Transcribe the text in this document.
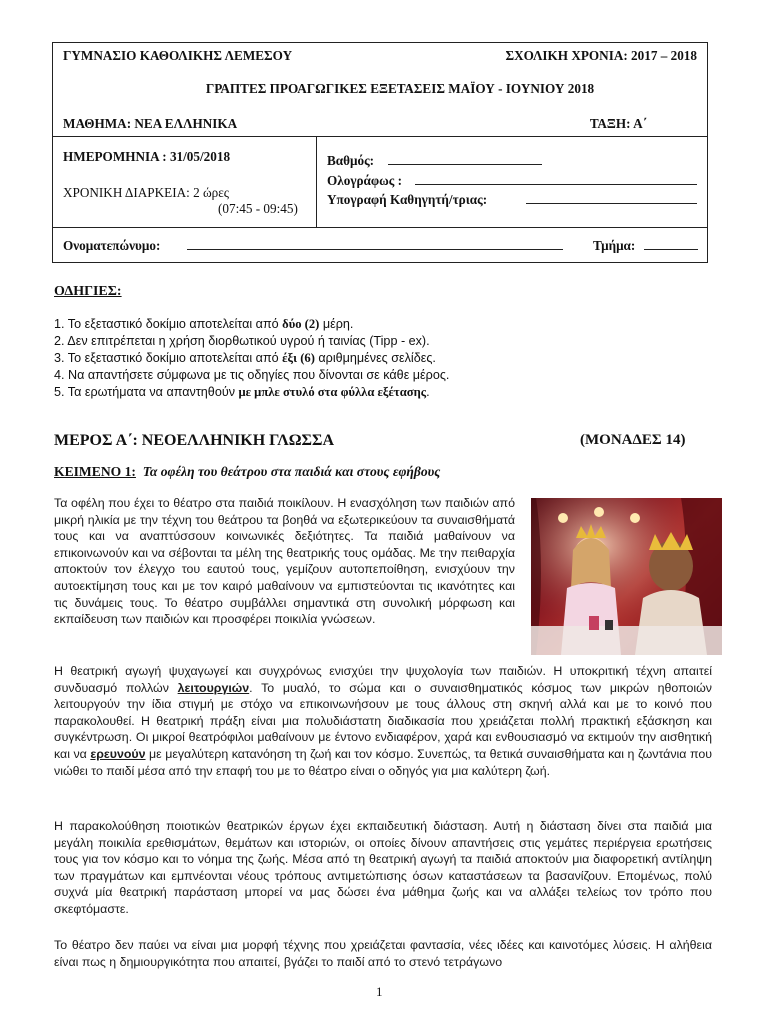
ΓΥΜΝΑΣΙΟ ΚΑΘΟΛΙΚΗΣ ΛΕΜΕΣΟΥ	ΣΧΟΛΙΚΗ ΧΡΟΝΙΑ: 2017 – 2018
ΓΡΑΠΤΕΣ ΠΡΟΑΓΩΓΙΚΕΣ ΕΞΕΤΑΣΕΙΣ ΜΑΪΟΥ - ΙΟΥΝΙΟΥ 2018
ΜΑΘΗΜΑ: ΝΕΑ ΕΛΛΗΝΙΚΑ	ΤΑΞΗ: Α΄
ΗΜΕΡΟΜΗΝΙΑ : 31/05/2018
ΧΡΟΝΙΚΗ ΔΙΑΡΚΕΙΑ: 2 ώρες
(07:45 - 09:45)
Βαθμός:
Ολογράφως :
Υπογραφή Καθηγητή/τριας:
Ονοματεπώνυμο:	Τμήμα:
ΟΔΗΓΙΕΣ:
1. Το εξεταστικό δοκίμιο αποτελείται από δύο (2) μέρη.
2. Δεν επιτρέπεται η χρήση διορθωτικού υγρού ή ταινίας (Tipp - ex).
3. Το εξεταστικό δοκίμιο αποτελείται από έξι (6) αριθμημένες σελίδες.
4. Να απαντήσετε σύμφωνα με τις οδηγίες που δίνονται σε κάθε μέρος.
5. Τα ερωτήματα να απαντηθούν με μπλε στυλό στα φύλλα εξέτασης.
ΜΕΡΟΣ Α΄: ΝΕΟΕΛΛΗΝΙΚΗ ΓΛΩΣΣΑ	(ΜΟΝΑΔΕΣ 14)
ΚΕΙΜΕΝΟ 1: Τα οφέλη του θεάτρου στα παιδιά και στους εφήβους

Τα οφέλη που έχει το θέατρο στα παιδιά ποικίλουν. Η ενασχόληση των παιδιών από μικρή ηλικία με την τέχνη του θεάτρου τα βοηθά να εξωτερικεύουν τα συναισθήματά τους και να αναπτύσσουν κοινωνικές δεξιότητες. Τα παιδιά μαθαίνουν να επικοινωνούν και να σέβονται τα μέλη της θεατρικής τους ομάδας. Με την πειθαρχία αποκτούν τον έλεγχο του εαυτού τους, γεμίζουν αυτοπεποίθηση, ενισχύουν την αυτοεκτίμηση τους και με τον καιρό μαθαίνουν να εμπιστεύονται τις ικανότητες και τις δυνάμεις τους. Το θέατρο συμβάλλει σημαντικά στη συνολική μόρφωση και εκπαίδευση των παιδιών και προσφέρει ποικιλία γνώσεων.

Η θεατρική αγωγή ψυχαγωγεί και συγχρόνως ενισχύει την ψυχολογία των παιδιών. Η υποκριτική τέχνη απαιτεί συνδυασμό πολλών λειτουργιών. Το μυαλό, το σώμα και ο συναισθηματικός κόσμος των μικρών ηθοποιών λειτουργούν την ίδια στιγμή με στόχο να επικοινωνήσουν με τους άλλους στη σκηνή αλλά και με το κοινό που παρακολουθεί. Η θεατρική πράξη είναι μια πολυδιάστατη διαδικασία που χρειάζεται πολλή πρακτική εξάσκηση και συγκέντρωση. Οι μικροί θεατρόφιλοι μαθαίνουν με έντονο ενδιαφέρον, χαρά και ενθουσιασμό να εκτιμούν την αισθητική και να ερευνούν με μεγαλύτερη κατανόηση τη ζωή και τον κόσμο. Συνεπώς, τα θετικά συναισθήματα και η ζωντάνια που νιώθει το παιδί μέσα από την επαφή του με το θέατρο είναι ο οδηγός για μια καλύτερη ζωή.

Η παρακολούθηση ποιοτικών θεατρικών έργων έχει εκπαιδευτική διάσταση. Αυτή η διάσταση δίνει στα παιδιά μια μεγάλη ποικιλία ερεθισμάτων, θεμάτων και ιστοριών, οι οποίες δίνουν απαντήσεις στις γεμάτες περιέργεια ερωτήσεις τους για τον κόσμο και το νόημα της ζωής. Μέσα από τη θεατρική αγωγή τα παιδιά αποκτούν μια διαφορετική αντίληψη των πραγμάτων και εμπνέονται νέους τρόπους αντιμετώπισης όσων καταστάσεων τα βασανίζουν. Επομένως, πολύ συχνά μία θεατρική παράσταση μπορεί να μας δώσει ένα μάθημα ζωής και να αλλάξει τελείως τον τρόπο που σκεφτόμαστε.

Το θέατρο δεν παύει να είναι μια μορφή τέχνης που χρειάζεται φαντασία, νέες ιδέες και καινοτόμες λύσεις. Η αλήθεια είναι πως η δημιουργικότητα που απαιτεί, βγάζει το παιδί από το στενό τετράγωνο

1
